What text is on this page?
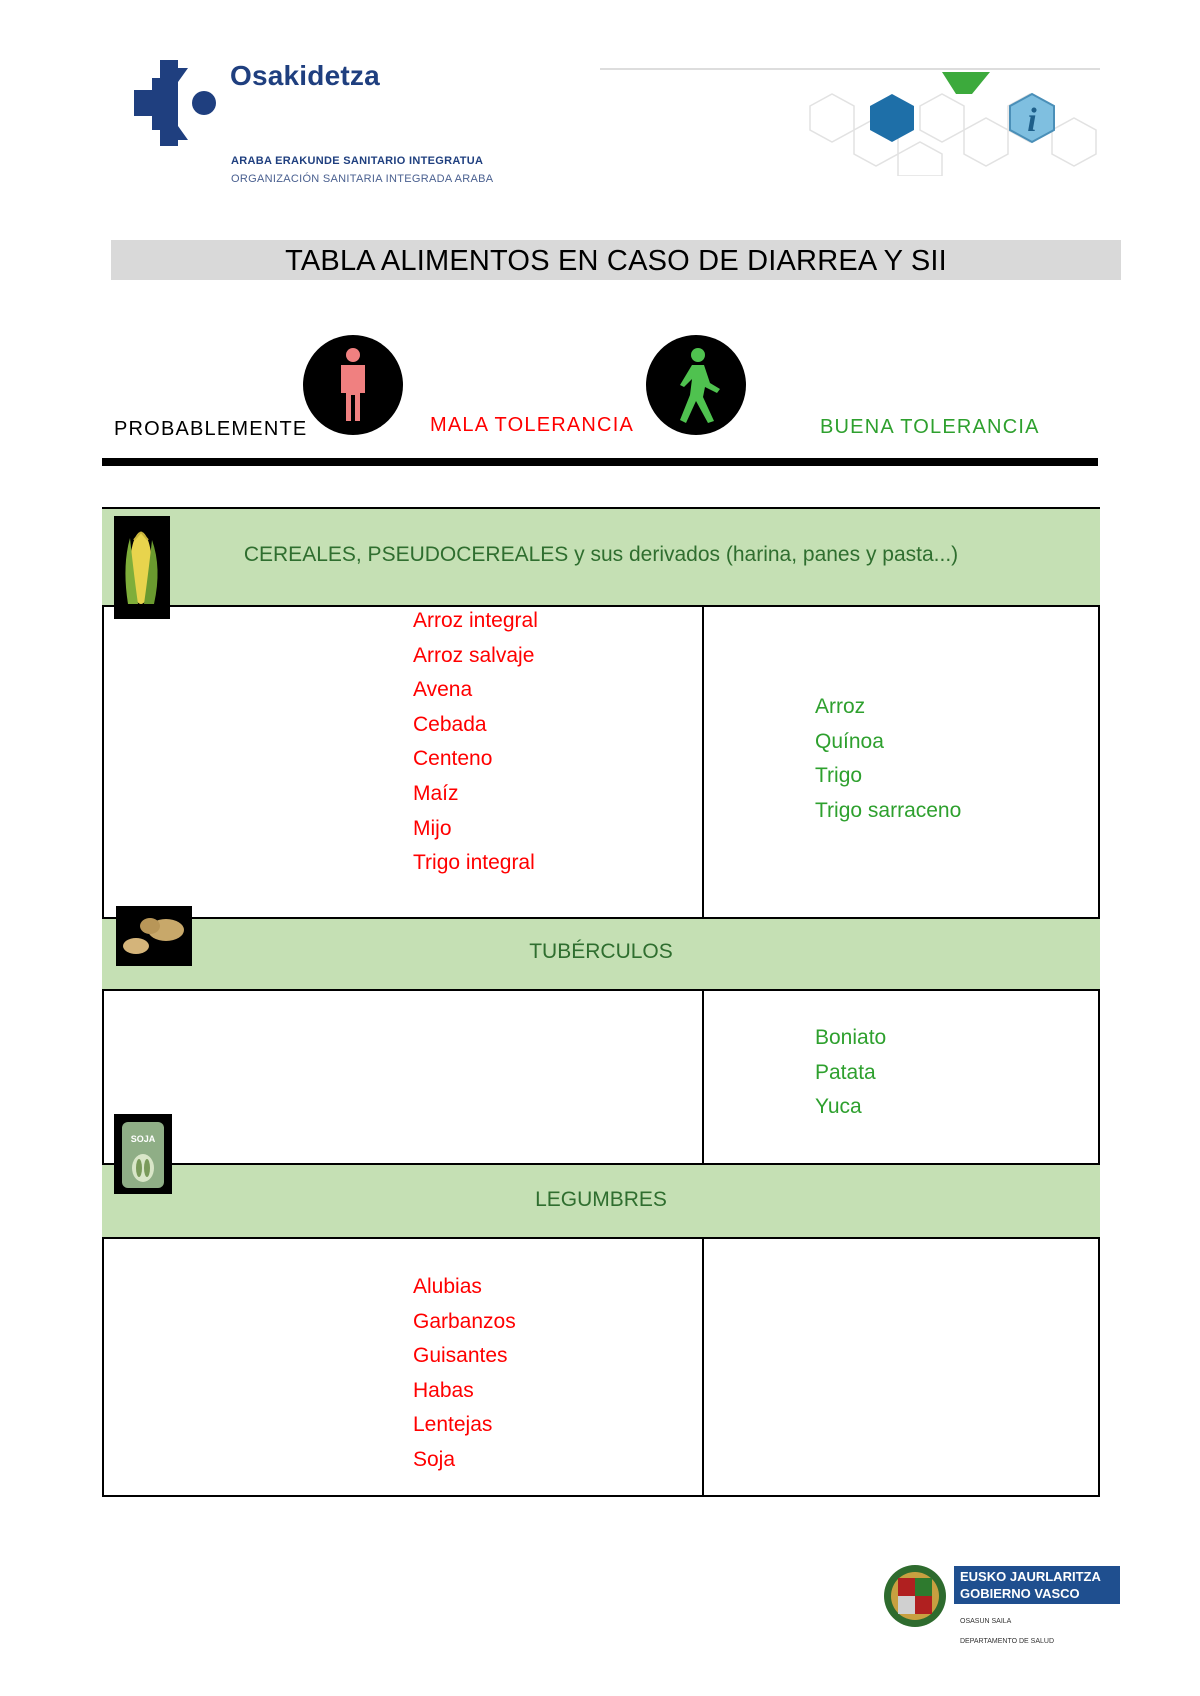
Osakidetza
ARABA ERAKUNDE SANITARIO INTEGRATUA
ORGANIZACIÓN SANITARIA INTEGRADA ARABA
i
TABLA ALIMENTOS EN CASO DE DIARREA Y SII
PROBABLEMENTE	MALA TOLERANCIA	BUENA TOLERANCIA
CEREALES, PSEUDOCEREALES y sus derivados (harina, panes y pasta...)
Arroz integral
Arroz salvaje
Avena
Cebada
Centeno
Maíz
Mijo
Trigo integral
Arroz
Quínoa
Trigo
Trigo sarraceno
TUBÉRCULOS
Boniato
Patata
Yuca
LEGUMBRES
SOJA
Alubias
Garbanzos
Guisantes
Habas
Lentejas
Soja
EUSKO JAURLARITZA
GOBIERNO VASCO
OSASUN SAILA
DEPARTAMENTO DE SALUD
